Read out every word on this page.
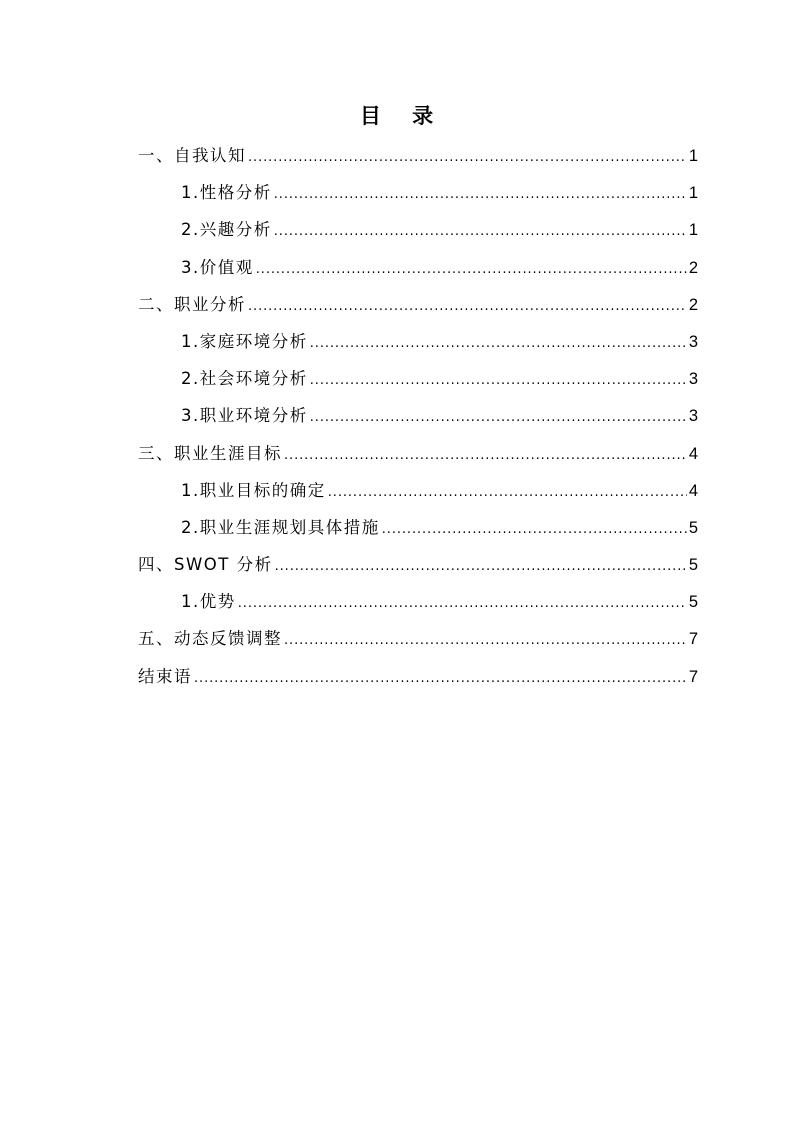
目 录
一、自我认知 .....	1
1.性格分析 .....	1
2.兴趣分析 .....	1
3.价值观 .....	2
二、职业分析 .....	2
1.家庭环境分析 .....	3
2.社会环境分析 .....	3
3.职业环境分析 .....	3
三、职业生涯目标 .....	4
1.职业目标的确定 .....	4
2.职业生涯规划具体措施 .....	5
四、SWOT 分析 .....	5
1.优势 .....	5
五、动态反馈调整 .....	7
结束语 .....	7
